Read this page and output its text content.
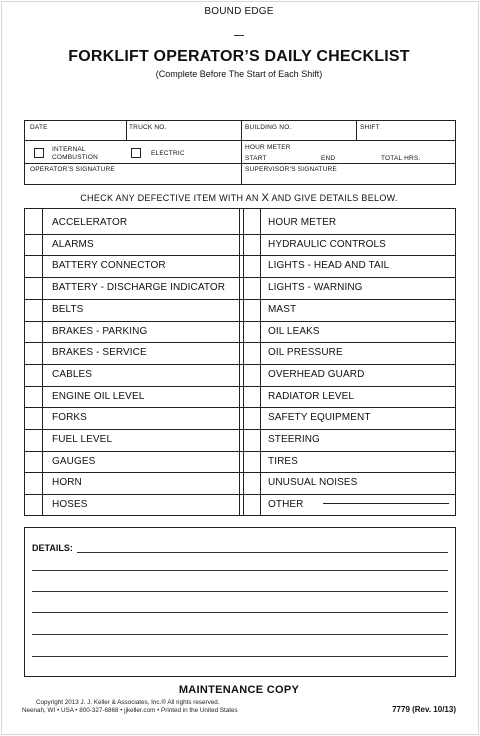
BOUND EDGE
FORKLIFT OPERATOR’S DAILY CHECKLIST
(Complete Before The Start of Each Shift)
DATE	TRUCK NO.	BUILDING NO.	SHIFT
INTERNAL
COMBUSTION	ELECTRIC
HOUR METER
START	END	TOTAL HRS.
OPERATOR’S SIGNATURE	SUPERVISOR’S SIGNATURE
CHECK ANY DEFECTIVE ITEM WITH AN X AND GIVE DETAILS BELOW.
ACCELERATOR	HOUR METER
ALARMS	HYDRAULIC CONTROLS
BATTERY CONNECTOR	LIGHTS - HEAD AND TAIL
BATTERY - DISCHARGE INDICATOR	LIGHTS - WARNING
BELTS	MAST
BRAKES - PARKING	OIL LEAKS
BRAKES - SERVICE	OIL PRESSURE
CABLES	OVERHEAD GUARD
ENGINE OIL LEVEL	RADIATOR LEVEL
FORKS	SAFETY EQUIPMENT
FUEL LEVEL	STEERING
GAUGES	TIRES
HORN	UNUSUAL NOISES
HOSES	OTHER
DETAILS:
MAINTENANCE COPY
Copyright 2013 J. J. Keller & Associates, Inc.® All rights reserved.
Neenah, WI • USA • 800-327-6868 • jjkeller.com • Printed in the United States	7779 (Rev. 10/13)
